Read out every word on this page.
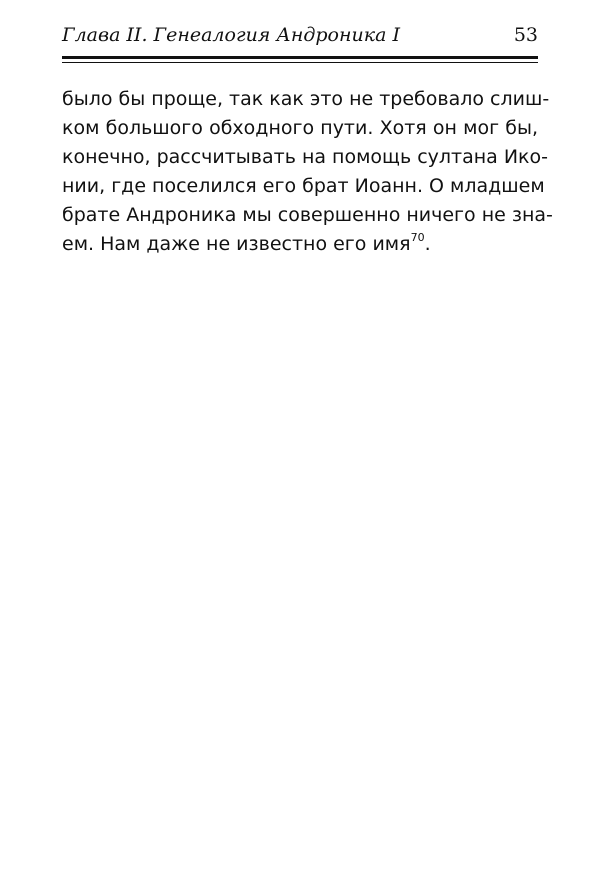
Глава II. Генеалогия Андроника I	53
было бы проще, так как это не требовало слиш-
ком большого обходного пути. Хотя он мог бы,
конечно, рассчитывать на помощь султана Ико-
нии, где поселился его брат Иоанн. О младшем
брате Андроника мы совершенно ничего не зна-
ем. Нам даже не известно его имя$^{70}$.
